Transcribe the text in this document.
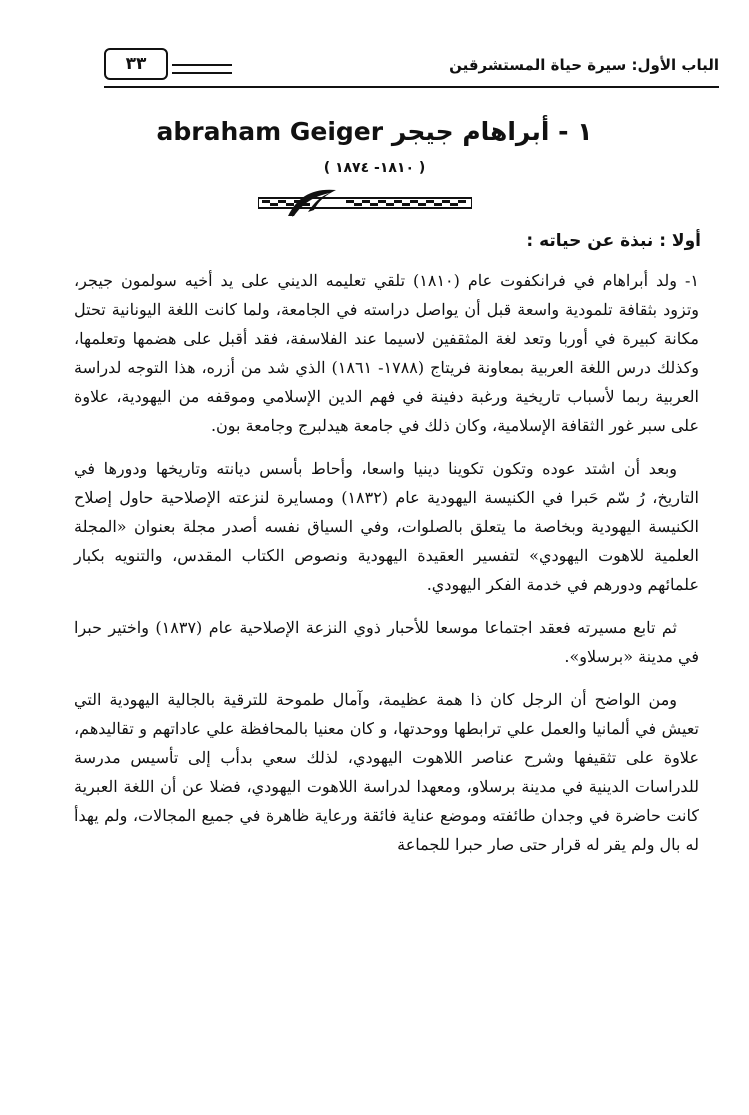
الباب الأول: سيرة حياة المستشرقين
٣٣
١ - أبراهام جيجر abraham Geiger
( ١٨١٠- ١٨٧٤ )
أولا : نبذة عن حياته :

١- ولد أبراهام في فرانكفوت عام (١٨١٠) تلقي تعليمه الديني على يد أخيه سولمون جيجر، وتزود بثقافة تلمودية واسعة قبل أن يواصل دراسته في الجامعة، ولما كانت اللغة اليونانية تحتل مكانة كبيرة في أوربا وتعد لغة المثقفين لاسيما عند الفلاسفة، فقد أقبل على هضمها وتعلمها، وكذلك درس اللغة العربية بمعاونة فريتاج (١٧٨٨- ١٨٦١) الذي شد من أزره، هذا التوجه لدراسة العربية ربما لأسباب تاريخية ورغبة دفينة في فهم الدين الإسلامي وموقفه من اليهودية، علاوة على سبر غور الثقافة الإسلامية، وكان ذلك في جامعة هيدلبرج وجامعة بون.

وبعد أن اشتد عوده وتكون تكوينا دينيا واسعا، وأحاط بأسس ديانته وتاريخها ودورها في التاريخ، رُ سّم حَبرا في الكنيسة اليهودية عام (١٨٣٢) ومسايرة لنزعته الإصلاحية حاول إصلاح الكنيسة اليهودية وبخاصة ما يتعلق بالصلوات، وفي السياق نفسه أصدر مجلة بعنوان «المجلة العلمية للاهوت اليهودي» لتفسير العقيدة اليهودية ونصوص الكتاب المقدس، والتنويه بكبار علمائهم ودورهم في خدمة الفكر اليهودي.

ثم تابع مسيرته فعقد اجتماعا موسعا للأحبار ذوي النزعة الإصلاحية عام (١٨٣٧) واختير حبرا في مدينة «برسلاو».

ومن الواضح أن الرجل كان ذا همة عظيمة، وآمال طموحة للترقية بالجالية اليهودية التي تعيش في ألمانيا والعمل علي ترابطها ووحدتها، و كان معنيا بالمحافظة علي عاداتهم و تقاليدهم، علاوة على تثقيفها وشرح عناصر اللاهوت اليهودي، لذلك سعي بدأب إلى تأسيس مدرسة للدراسات الدينية في مدينة برسلاو، ومعهدا لدراسة اللاهوت اليهودي، فضلا عن أن اللغة العبرية كانت حاضرة في وجدان طائفته وموضع عناية فائقة ورعاية ظاهرة في جميع المجالات، ولم يهدأ له بال ولم يقر له قرار حتى صار حبرا للجماعة
